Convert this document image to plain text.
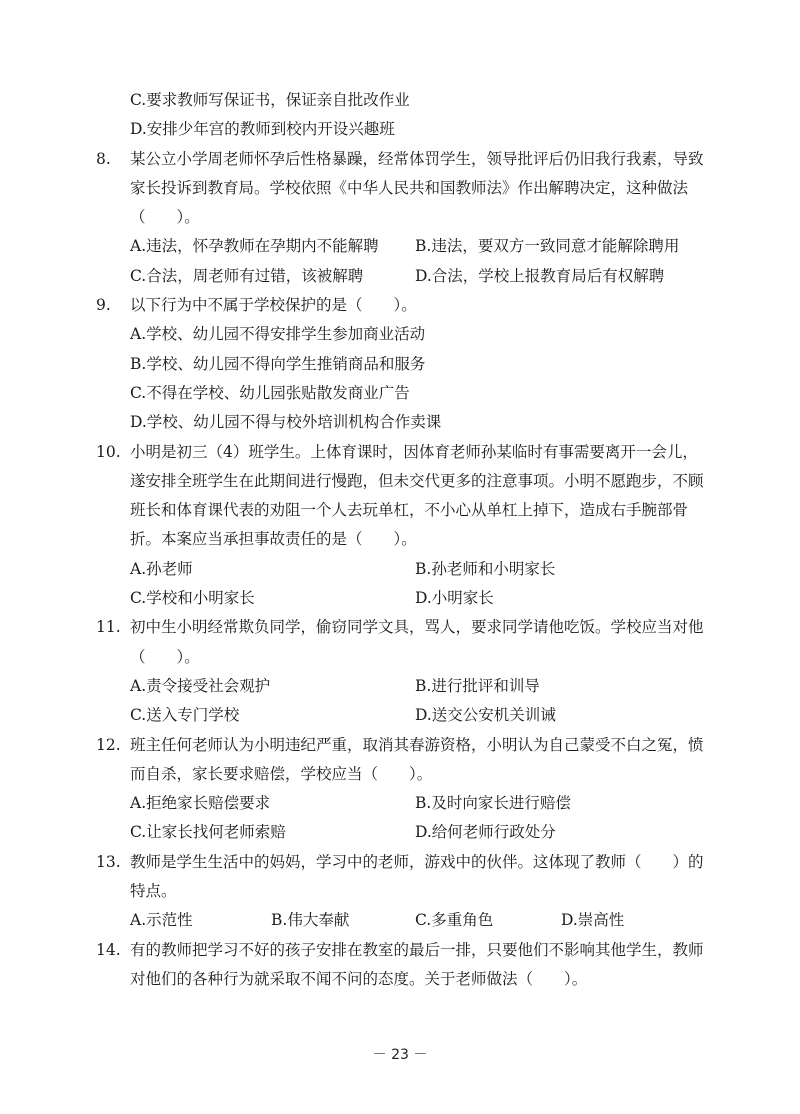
C.要求教师写保证书，保证亲自批改作业
D.安排少年宫的教师到校内开设兴趣班
8. 某公立小学周老师怀孕后性格暴躁，经常体罚学生，领导批评后仍旧我行我素，导致
家长投诉到教育局。学校依照《中华人民共和国教师法》作出解聘决定，这种做法
（　　）。
A.违法，怀孕教师在孕期内不能解聘 B.违法，要双方一致同意才能解除聘用
C.合法，周老师有过错，该被解聘	D.合法，学校上报教育局后有权解聘
9. 以下行为中不属于学校保护的是（　　）。
A.学校、幼儿园不得安排学生参加商业活动
B.学校、幼儿园不得向学生推销商品和服务
C.不得在学校、幼儿园张贴散发商业广告
D.学校、幼儿园不得与校外培训机构合作卖课
10. 小明是初三（4）班学生。上体育课时，因体育老师孙某临时有事需要离开一会儿，
遂安排全班学生在此期间进行慢跑，但未交代更多的注意事项。小明不愿跑步，不顾
班长和体育课代表的劝阻一个人去玩单杠，不小心从单杠上掉下，造成右手腕部骨
折。本案应当承担事故责任的是（　　）。
A.孙老师	B.孙老师和小明家长
C.学校和小明家长	D.小明家长
11. 初中生小明经常欺负同学，偷窃同学文具，骂人，要求同学请他吃饭。学校应当对他
（　　）。
A.责令接受社会观护	B.进行批评和训导
C.送入专门学校	D.送交公安机关训诫
12. 班主任何老师认为小明违纪严重，取消其春游资格，小明认为自己蒙受不白之冤，愤
而自杀，家长要求赔偿，学校应当（　　）。
A.拒绝家长赔偿要求	B.及时向家长进行赔偿
C.让家长找何老师索赔	D.给何老师行政处分
13. 教师是学生生活中的妈妈，学习中的老师，游戏中的伙伴。这体现了教师（　　）的
特点。
A.示范性	B.伟大奉献	C.多重角色	D.崇高性
14. 有的教师把学习不好的孩子安排在教室的最后一排，只要他们不影响其他学生，教师
对他们的各种行为就采取不闻不问的态度。关于老师做法（　　）。
－ 23 －
